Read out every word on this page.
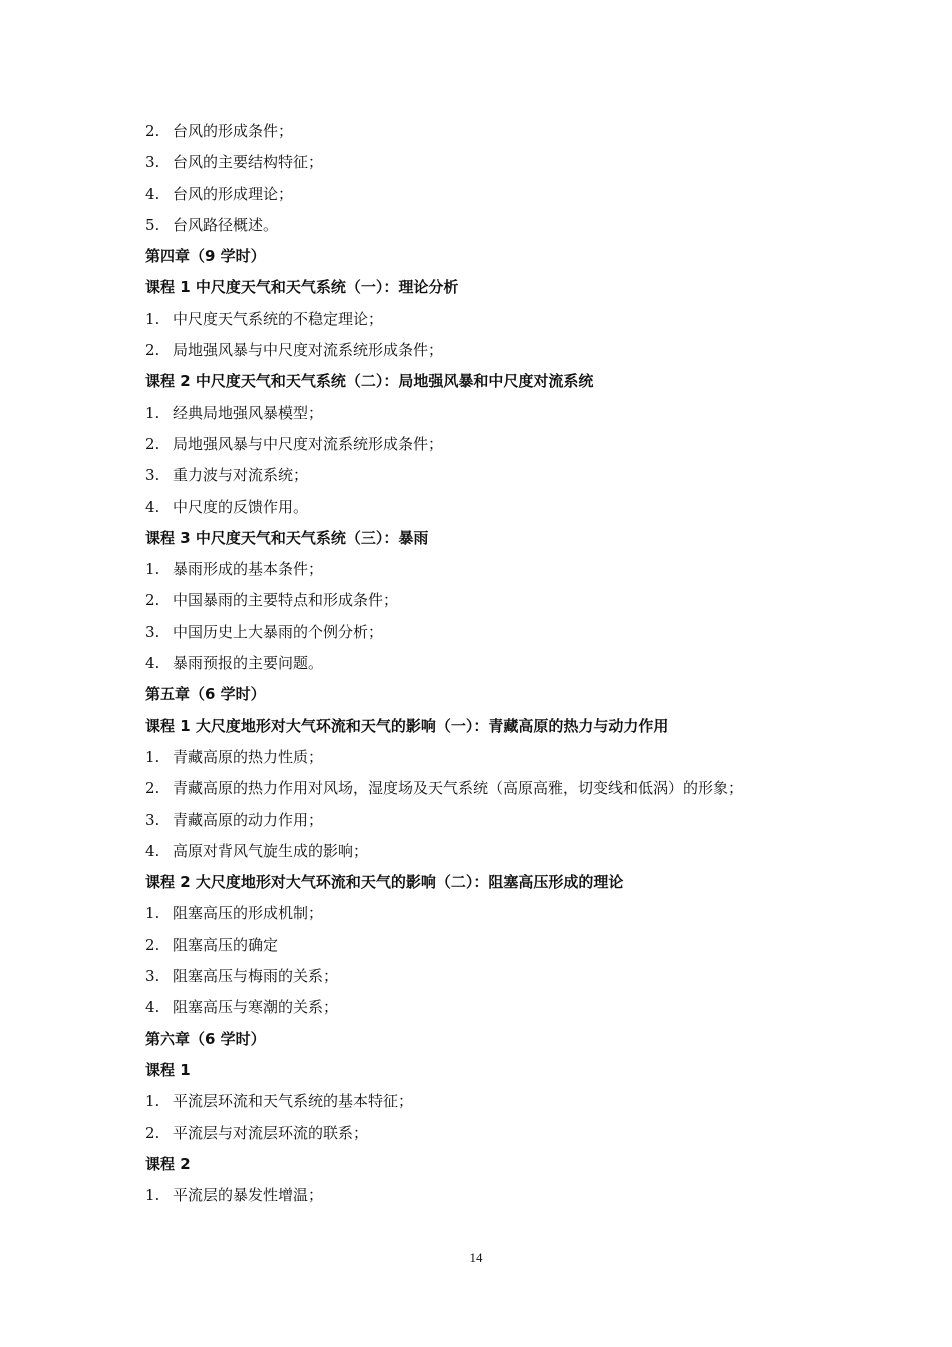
2. 台风的形成条件；
3. 台风的主要结构特征；
4. 台风的形成理论；
5. 台风路径概述。
第四章（9 学时）
课程 1 中尺度天气和天气系统（一）：理论分析
1. 中尺度天气系统的不稳定理论；
2. 局地强风暴与中尺度对流系统形成条件；
课程 2 中尺度天气和天气系统（二）：局地强风暴和中尺度对流系统
1. 经典局地强风暴模型；
2. 局地强风暴与中尺度对流系统形成条件；
3. 重力波与对流系统；
4. 中尺度的反馈作用。
课程 3 中尺度天气和天气系统（三）：暴雨
1. 暴雨形成的基本条件；
2. 中国暴雨的主要特点和形成条件；
3. 中国历史上大暴雨的个例分析；
4. 暴雨预报的主要问题。
第五章（6 学时）
课程 1 大尺度地形对大气环流和天气的影响（一）：青藏高原的热力与动力作用
1. 青藏高原的热力性质；
2. 青藏高原的热力作用对风场，湿度场及天气系统（高原高雅，切变线和低涡）的形象；
3. 青藏高原的动力作用；
4. 高原对背风气旋生成的影响；
课程 2 大尺度地形对大气环流和天气的影响（二）：阻塞高压形成的理论
1. 阻塞高压的形成机制；
2. 阻塞高压的确定
3. 阻塞高压与梅雨的关系；
4. 阻塞高压与寒潮的关系；
第六章（6 学时）
课程 1
1. 平流层环流和天气系统的基本特征；
2. 平流层与对流层环流的联系；
课程 2
1. 平流层的暴发性增温；
14
